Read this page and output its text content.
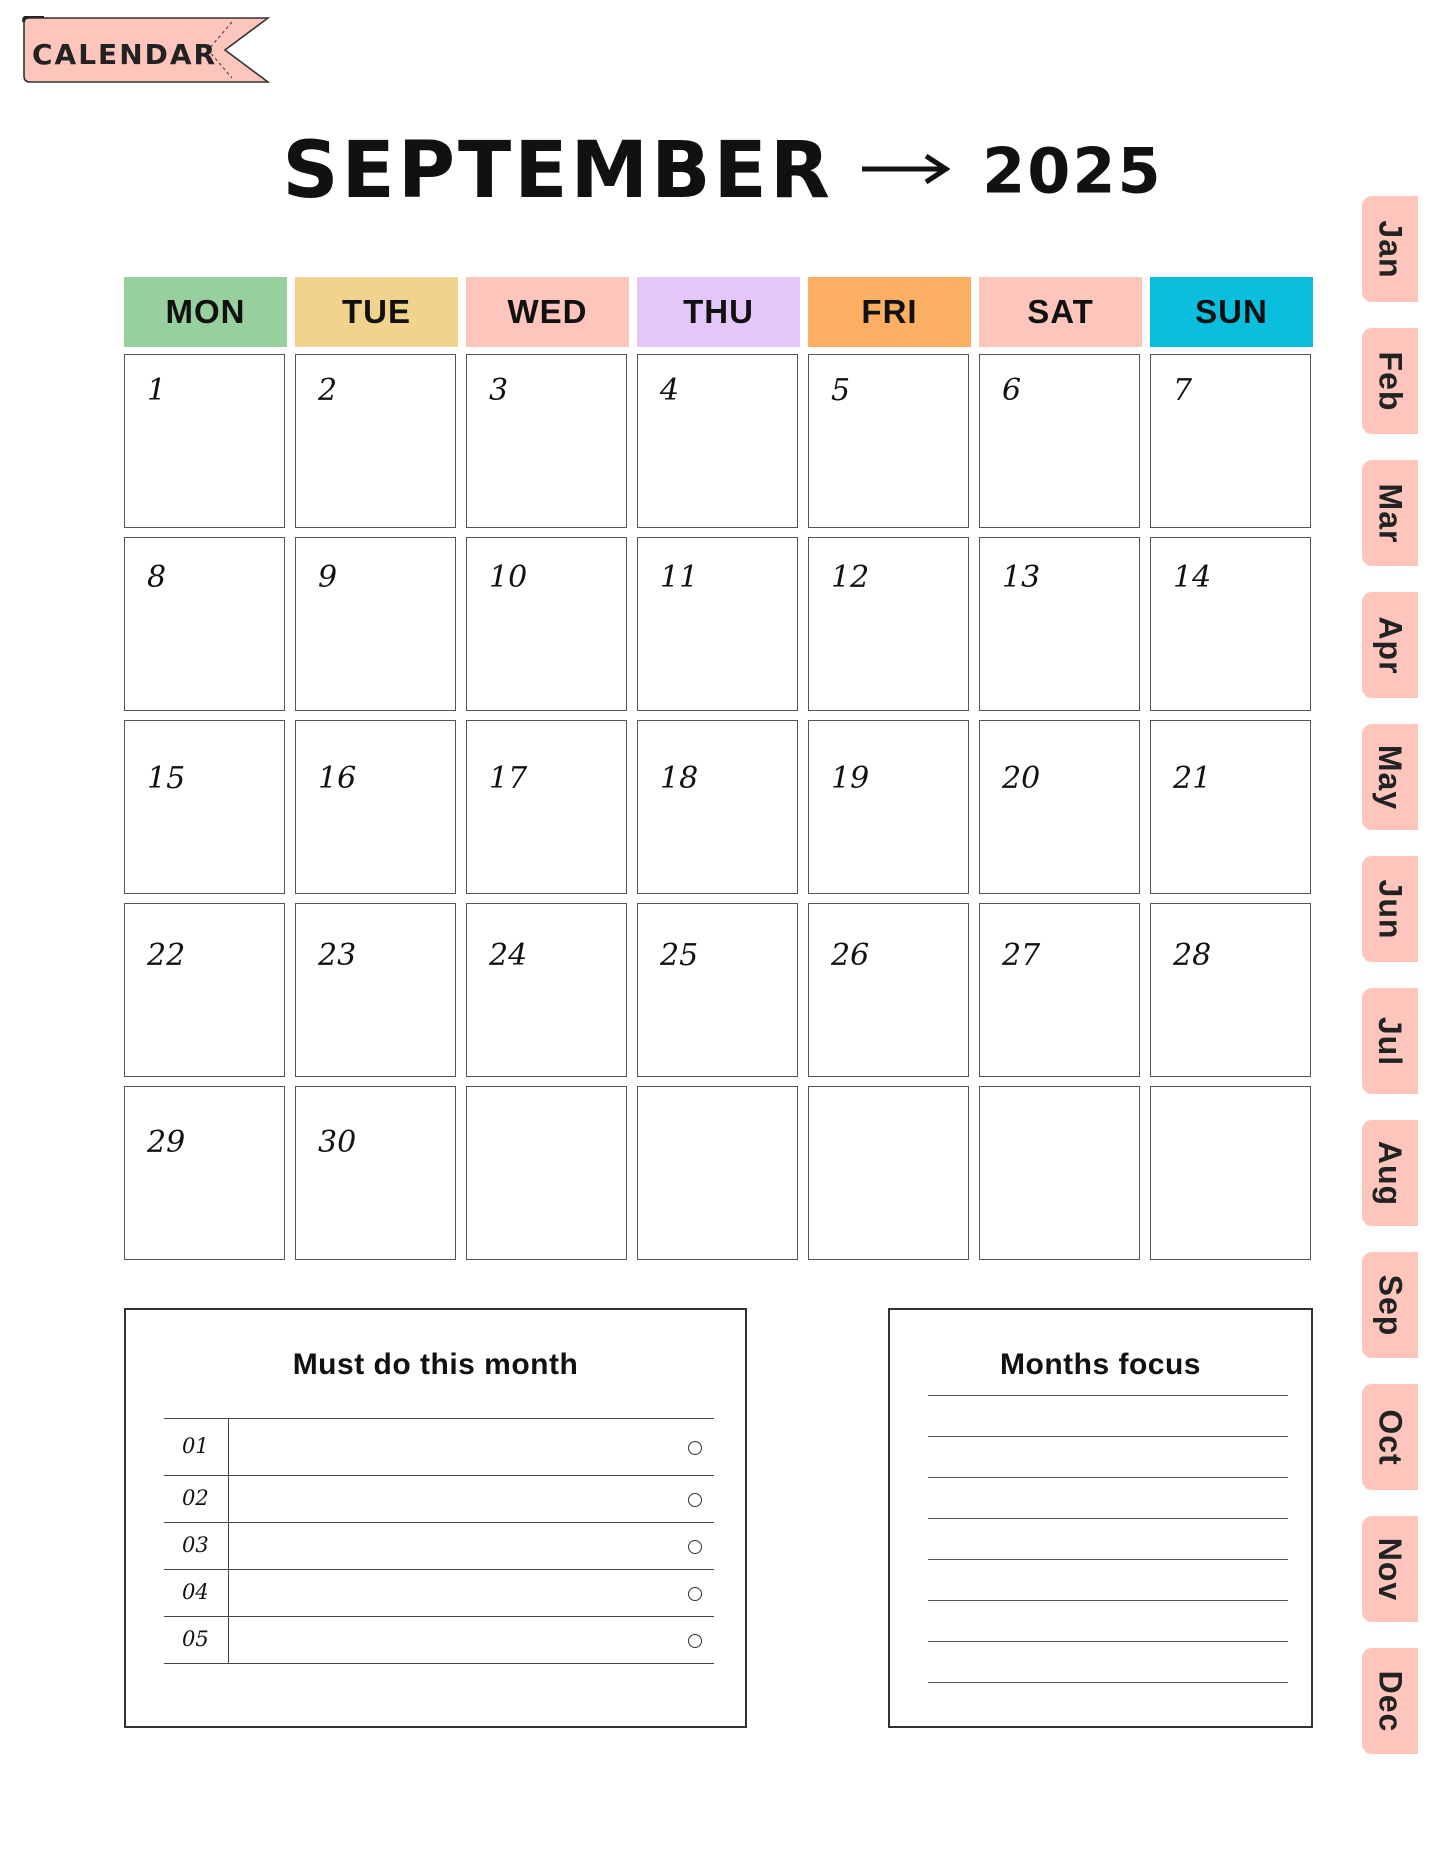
CALENDAR
SEPTEMBER 2025
MON	TUE	WED	THU	FRI	SAT	SUN
1	2	3	4	5	6	7
8	9	10	11	12	13	14
15	16	17	18	19	20	21
22	23	24	25	26	27	28
29	30
Must do this month
01
02
03
04
05
Months focus
Jan
Feb
Mar
Apr
May
Jun
Jul
Aug
Sep
Oct
Nov
Dec
